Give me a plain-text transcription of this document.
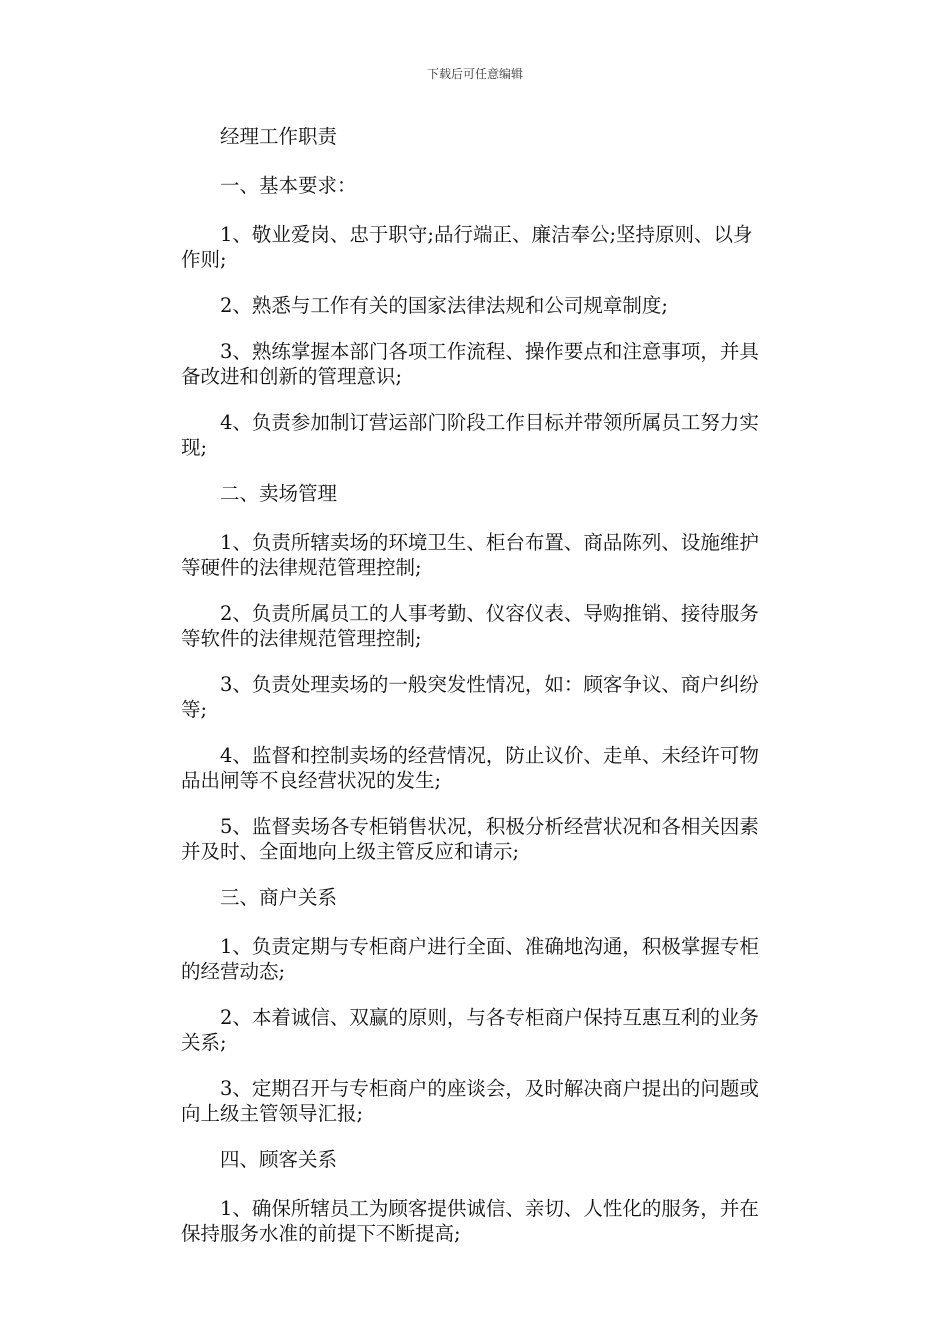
下载后可任意编辑

经理工作职责

一、基本要求：

1、敬业爱岗、忠于职守;品行端正、廉洁奉公;坚持原则、以身作则;

2、熟悉与工作有关的国家法律法规和公司规章制度;

3、熟练掌握本部门各项工作流程、操作要点和注意事项，并具备改进和创新的管理意识;

4、负责参加制订营运部门阶段工作目标并带领所属员工努力实现;

二、卖场管理

1、负责所辖卖场的环境卫生、柜台布置、商品陈列、设施维护等硬件的法律规范管理控制;

2、负责所属员工的人事考勤、仪容仪表、导购推销、接待服务等软件的法律规范管理控制;

3、负责处理卖场的一般突发性情况，如：顾客争议、商户纠纷等;

4、监督和控制卖场的经营情况，防止议价、走单、未经许可物品出闸等不良经营状况的发生;

5、监督卖场各专柜销售状况，积极分析经营状况和各相关因素并及时、全面地向上级主管反应和请示;

三、商户关系

1、负责定期与专柜商户进行全面、准确地沟通，积极掌握专柜的经营动态;

2、本着诚信、双赢的原则，与各专柜商户保持互惠互利的业务关系;

3、定期召开与专柜商户的座谈会，及时解决商户提出的问题或向上级主管领导汇报;

四、顾客关系

1、确保所辖员工为顾客提供诚信、亲切、人性化的服务，并在保持服务水准的前提下不断提高;
